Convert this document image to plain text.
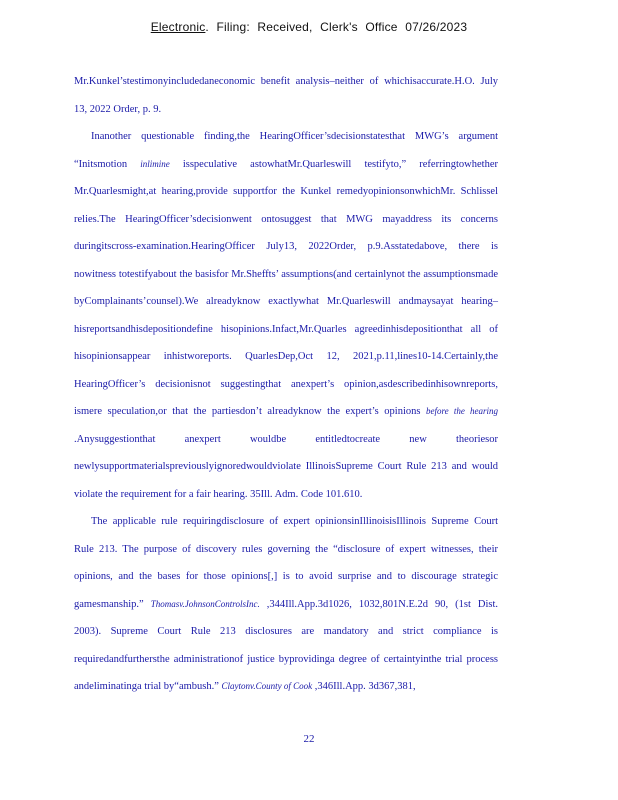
Electronic. Filing: Received, Clerk's Office 07/26/2023

Mr.Kunkel’stestimonyincludedaneconomic benefit analysis–neither of whichisaccurate.H.O. July 13, 2022 Order, p. 9.

Inanother questionable finding,the HearingOfficer’sdecisionstatesthat MWG’s argument “Initsmotion inlimine isspeculative astowhatMr.Quarleswill testifyto,” referringtowhether Mr.Quarlesmight,at hearing,provide supportfor the Kunkel remedyopinionsonwhichMr. Schlissel relies.The HearingOfficer’sdecisionwent ontosuggest that MWG mayaddress its concerns duringitscross-examination.HearingOfficer July13, 2022Order, p.9.Asstatedabove, there is nowitness totestifyabout the basisfor Mr.Sheffts’ assumptions(and certainlynot the assumptionsmade byComplainants’counsel).We alreadyknow exactlywhat Mr.Quarleswill andmaysayat hearing–hisreportsandhisdepositiondefine hisopinions.Infact,Mr.Quarles agreedinhisdepositionthat all of hisopinionsappear inhistworeports. QuarlesDep,Oct 12, 2021,p.11,lines10-14.Certainly,the HearingOfficer’s decisionisnot suggestingthat anexpert’s opinion,asdescribedinhisownreports, ismere speculation,or that the partiesdon’t alreadyknow the expert’s opinions before the hearing .Anysuggestionthat anexpert wouldbe entitledtocreate new theoriesor newlysupportmaterialspreviouslyignoredwouldviolate IllinoisSupreme Court Rule 213 and would violate the requirement for a fair hearing. 35Ill. Adm. Code 101.610.

The applicable rule requiringdisclosure of expert opinionsinIllinoisisIllinois Supreme Court Rule 213. The purpose of discovery rules governing the “disclosure of expert witnesses, their opinions, and the bases for those opinions[,] is to avoid surprise and to discourage strategic gamesmanship.” Thomasv.JohnsonControlsInc. ,344Ill.App.3d1026, 1032,801N.E.2d 90, (1st Dist. 2003). Supreme Court Rule 213 disclosures are mandatory and strict compliance is requiredandfurthersthe administrationof justice byprovidinga degree of certaintyinthe trial process andeliminatinga trial by“ambush.” Claytonv.County of Cook ,346Ill.App. 3d367,381,

22
